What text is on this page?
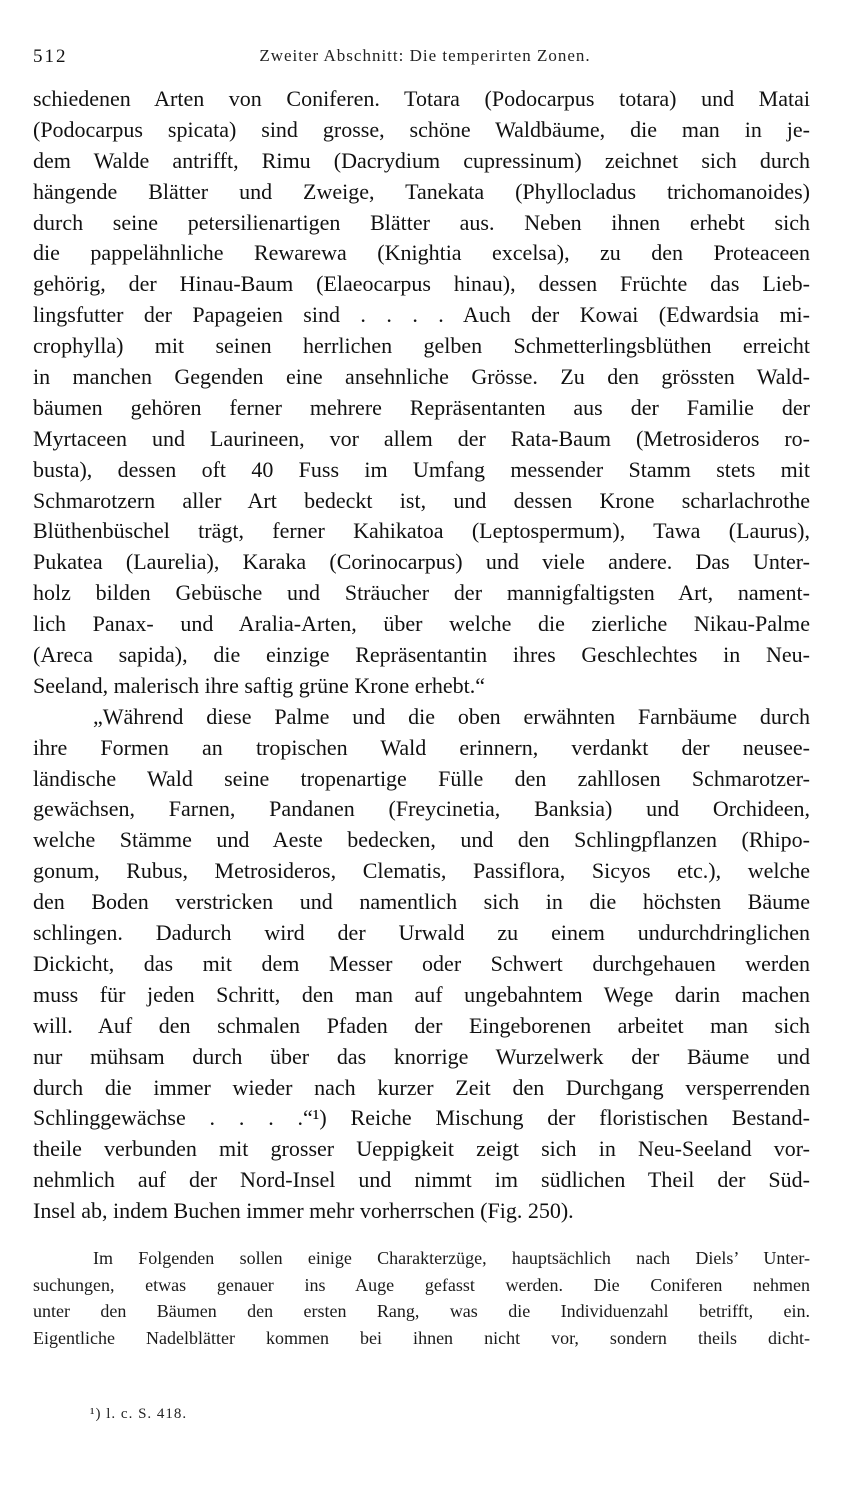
512	Zweiter Abschnitt: Die temperirten Zonen.
schiedenen Arten von Coniferen. Totara (Podocarpus totara) und Matai
(Podocarpus spicata) sind grosse, schöne Waldbäume, die man in je-
dem Walde antrifft, Rimu (Dacrydium cupressinum) zeichnet sich durch
hängende Blätter und Zweige, Tanekata (Phyllocladus trichomanoides)
durch seine petersilienartigen Blätter aus. Neben ihnen erhebt sich
die pappelähnliche Rewarewa (Knightia excelsa), zu den Proteaceen
gehörig, der Hinau-Baum (Elaeocarpus hinau), dessen Früchte das Lieb-
lingsfutter der Papageien sind . . . . Auch der Kowai (Edwardsia mi-
crophylla) mit seinen herrlichen gelben Schmetterlingsblüthen erreicht
in manchen Gegenden eine ansehnliche Grösse. Zu den grössten Wald-
bäumen gehören ferner mehrere Repräsentanten aus der Familie der
Myrtaceen und Laurineen, vor allem der Rata-Baum (Metrosideros ro-
busta), dessen oft 40 Fuss im Umfang messender Stamm stets mit
Schmarotzern aller Art bedeckt ist, und dessen Krone scharlachrothe
Blüthenbüschel trägt, ferner Kahikatoa (Leptospermum), Tawa (Laurus),
Pukatea (Laurelia), Karaka (Corinocarpus) und viele andere. Das Unter-
holz bilden Gebüsche und Sträucher der mannigfaltigsten Art, nament-
lich Panax- und Aralia-Arten, über welche die zierliche Nikau-Palme
(Areca sapida), die einzige Repräsentantin ihres Geschlechtes in Neu-
Seeland, malerisch ihre saftig grüne Krone erhebt.“
„Während diese Palme und die oben erwähnten Farnbäume durch
ihre Formen an tropischen Wald erinnern, verdankt der neusee-
ländische Wald seine tropenartige Fülle den zahllosen Schmarotzer-
gewächsen, Farnen, Pandanen (Freycinetia, Banksia) und Orchideen,
welche Stämme und Aeste bedecken, und den Schlingpflanzen (Rhipo-
gonum, Rubus, Metrosideros, Clematis, Passiflora, Sicyos etc.), welche
den Boden verstricken und namentlich sich in die höchsten Bäume
schlingen. Dadurch wird der Urwald zu einem undurchdringlichen
Dickicht, das mit dem Messer oder Schwert durchgehauen werden
muss für jeden Schritt, den man auf ungebahntem Wege darin machen
will. Auf den schmalen Pfaden der Eingeborenen arbeitet man sich
nur mühsam durch über das knorrige Wurzelwerk der Bäume und
durch die immer wieder nach kurzer Zeit den Durchgang versperrenden
Schlinggewächse . . . .“¹) Reiche Mischung der floristischen Bestand-
theile verbunden mit grosser Ueppigkeit zeigt sich in Neu-Seeland vor-
nehmlich auf der Nord-Insel und nimmt im südlichen Theil der Süd-
Insel ab, indem Buchen immer mehr vorherrschen (Fig. 250).
Im Folgenden sollen einige Charakterzüge, hauptsächlich nach Diels’ Unter-
suchungen, etwas genauer ins Auge gefasst werden. Die Coniferen nehmen
unter den Bäumen den ersten Rang, was die Individuenzahl betrifft, ein.
Eigentliche Nadelblätter kommen bei ihnen nicht vor, sondern theils dicht-
¹) l. c. S. 418.
